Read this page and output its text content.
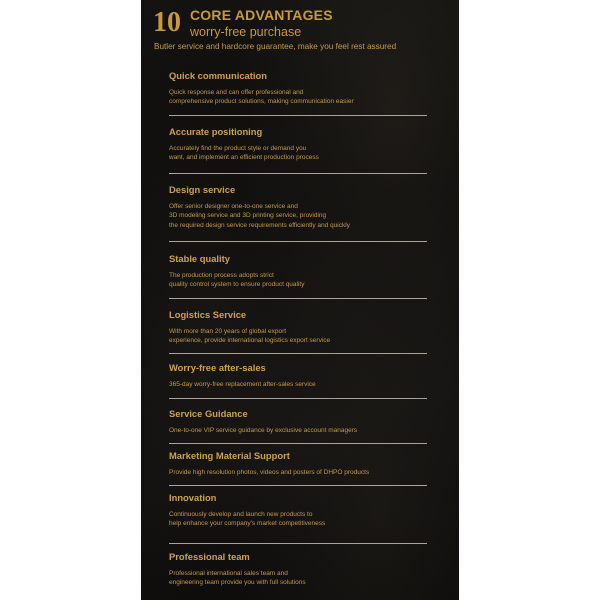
10 CORE ADVANTAGES
worry-free purchase
Butler service and hardcore guarantee, make you feel rest assured
Quick communication
Quick response and can offer professional and
comprehensive product solutions, making communication easier
Accurate positioning
Accurately find the product style or demand you
want, and implement an efficient production process
Design service
Offer senior designer one-to-one service and
3D modeling service and 3D printing service, providing
the required design service requirements efficiently and quickly
Stable quality
The production process adopts strict
quality control system to ensure product quality
Logistics Service
With more than 20 years of global export
experience, provide international logistics export service
Worry-free after-sales
365-day worry-free replacement after-sales service
Service Guidance
One-to-one VIP service guidance by exclusive account managers
Marketing Material Support
Provide high resolution photos, videos and posters of DHPO products
Innovation
Continuously develop and launch new products to
help enhance your company's market competitiveness
Professional team
Professional international sales team and
engineering team provide you with full solutions
